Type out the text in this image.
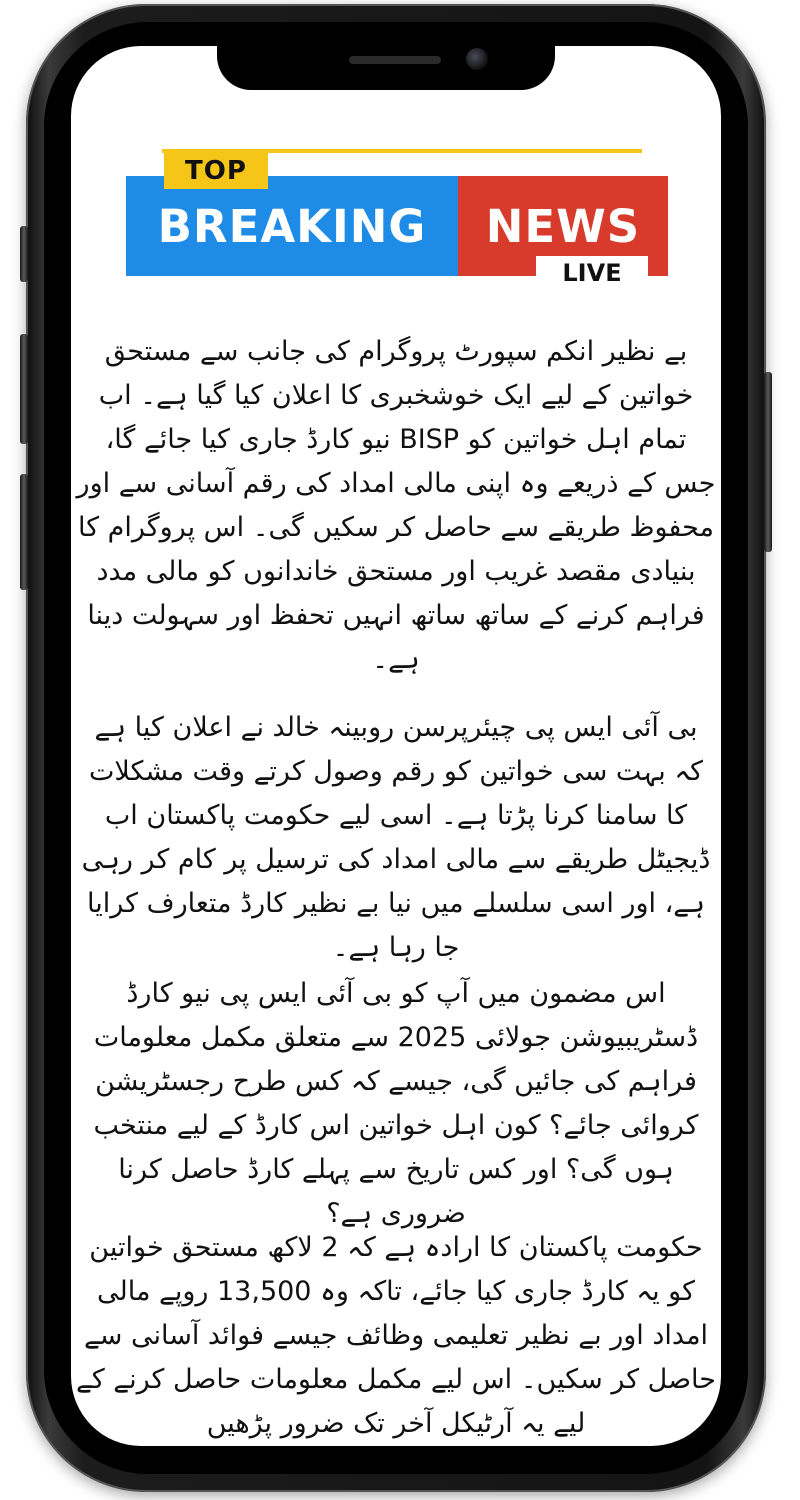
BREAKING	NEWS
TOP
LIVE

بے نظیر انکم سپورٹ پروگرام کی جانب سے مستحق خواتین کے لیے ایک خوشخبری کا اعلان کیا گیا ہے۔ اب تمام اہل خواتین کو BISP نیو کارڈ جاری کیا جائے گا، جس کے ذریعے وہ اپنی مالی امداد کی رقم آسانی سے اور محفوظ طریقے سے حاصل کر سکیں گی۔ اس پروگرام کا بنیادی مقصد غریب اور مستحق خاندانوں کو مالی مدد فراہم کرنے کے ساتھ ساتھ انہیں تحفظ اور سہولت دینا ہے۔

بی آئی ایس پی چیئرپرسن روبینہ خالد نے اعلان کیا ہے کہ بہت سی خواتین کو رقم وصول کرتے وقت مشکلات کا سامنا کرنا پڑتا ہے۔ اسی لیے حکومت پاکستان اب ڈیجیٹل طریقے سے مالی امداد کی ترسیل پر کام کر رہی ہے، اور اسی سلسلے میں نیا بے نظیر کارڈ متعارف کرایا جا رہا ہے۔

اس مضمون میں آپ کو بی آئی ایس پی نیو کارڈ ڈسٹریبیوشن جولائی 2025 سے متعلق مکمل معلومات فراہم کی جائیں گی، جیسے کہ کس طرح رجسٹریشن کروائی جائے؟ کون اہل خواتین اس کارڈ کے لیے منتخب ہوں گی؟ اور کس تاریخ سے پہلے کارڈ حاصل کرنا ضروری ہے؟

حکومت پاکستان کا ارادہ ہے کہ 2 لاکھ مستحق خواتین کو یہ کارڈ جاری کیا جائے، تاکہ وہ 13,500 روپے مالی امداد اور بے نظیر تعلیمی وظائف جیسے فوائد آسانی سے حاصل کر سکیں۔ اس لیے مکمل معلومات حاصل کرنے کے لیے یہ آرٹیکل آخر تک ضرور پڑھیں
